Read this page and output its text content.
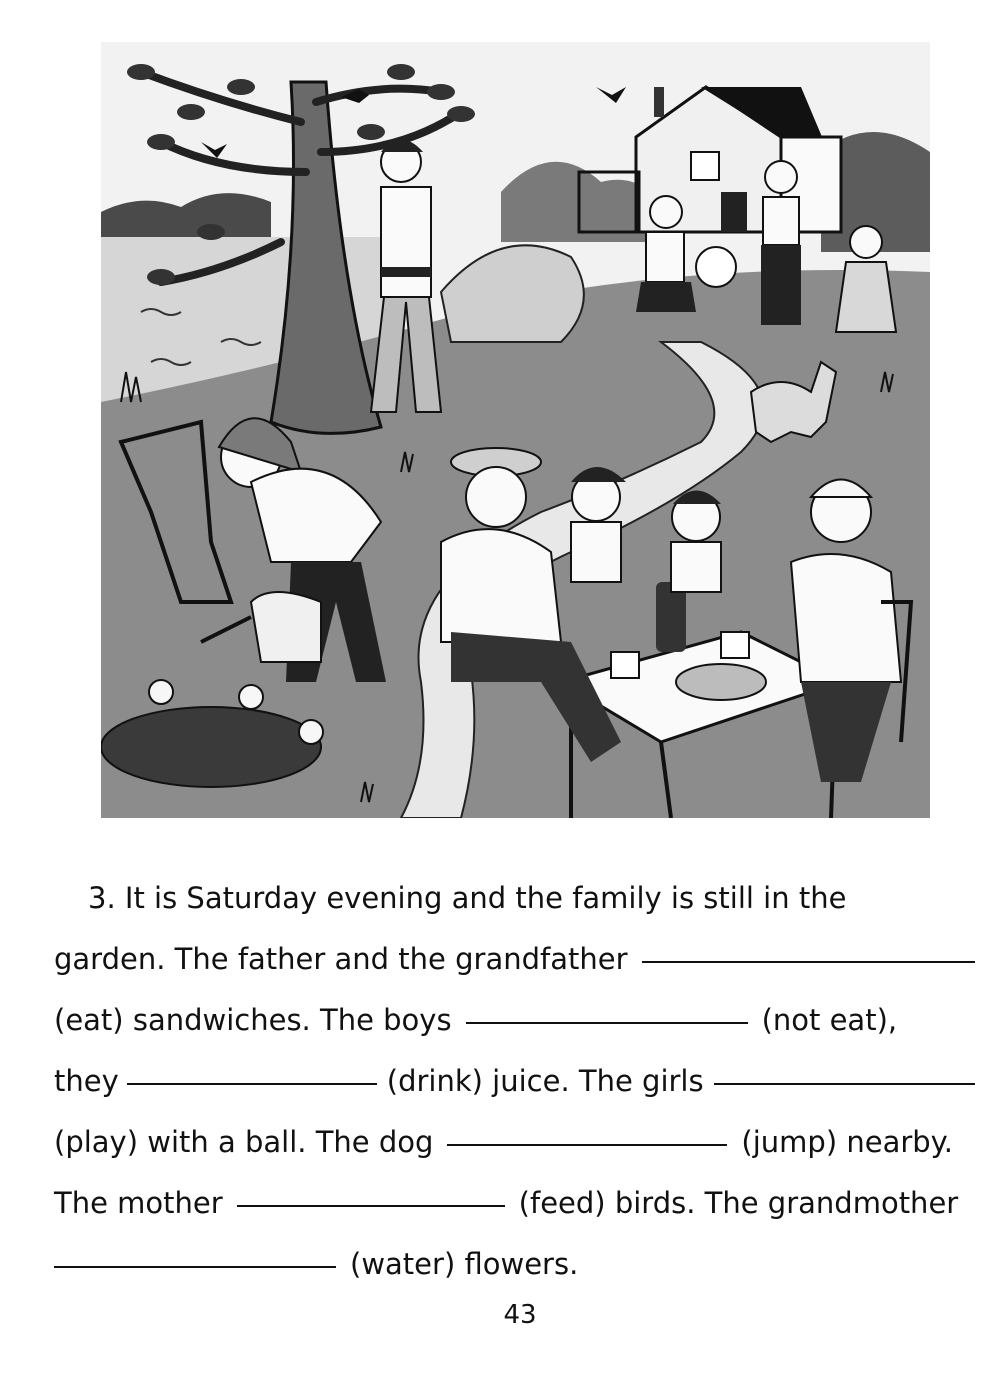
3. It is Saturday evening and the family is still in the
garden. The father and the grandfather
(eat) sandwiches. The boys	(not eat),
they	(drink) juice. The girls
(play) with a ball. The dog	(jump) nearby.
The mother	(feed) birds. The grandmother
(water) flowers.
43
